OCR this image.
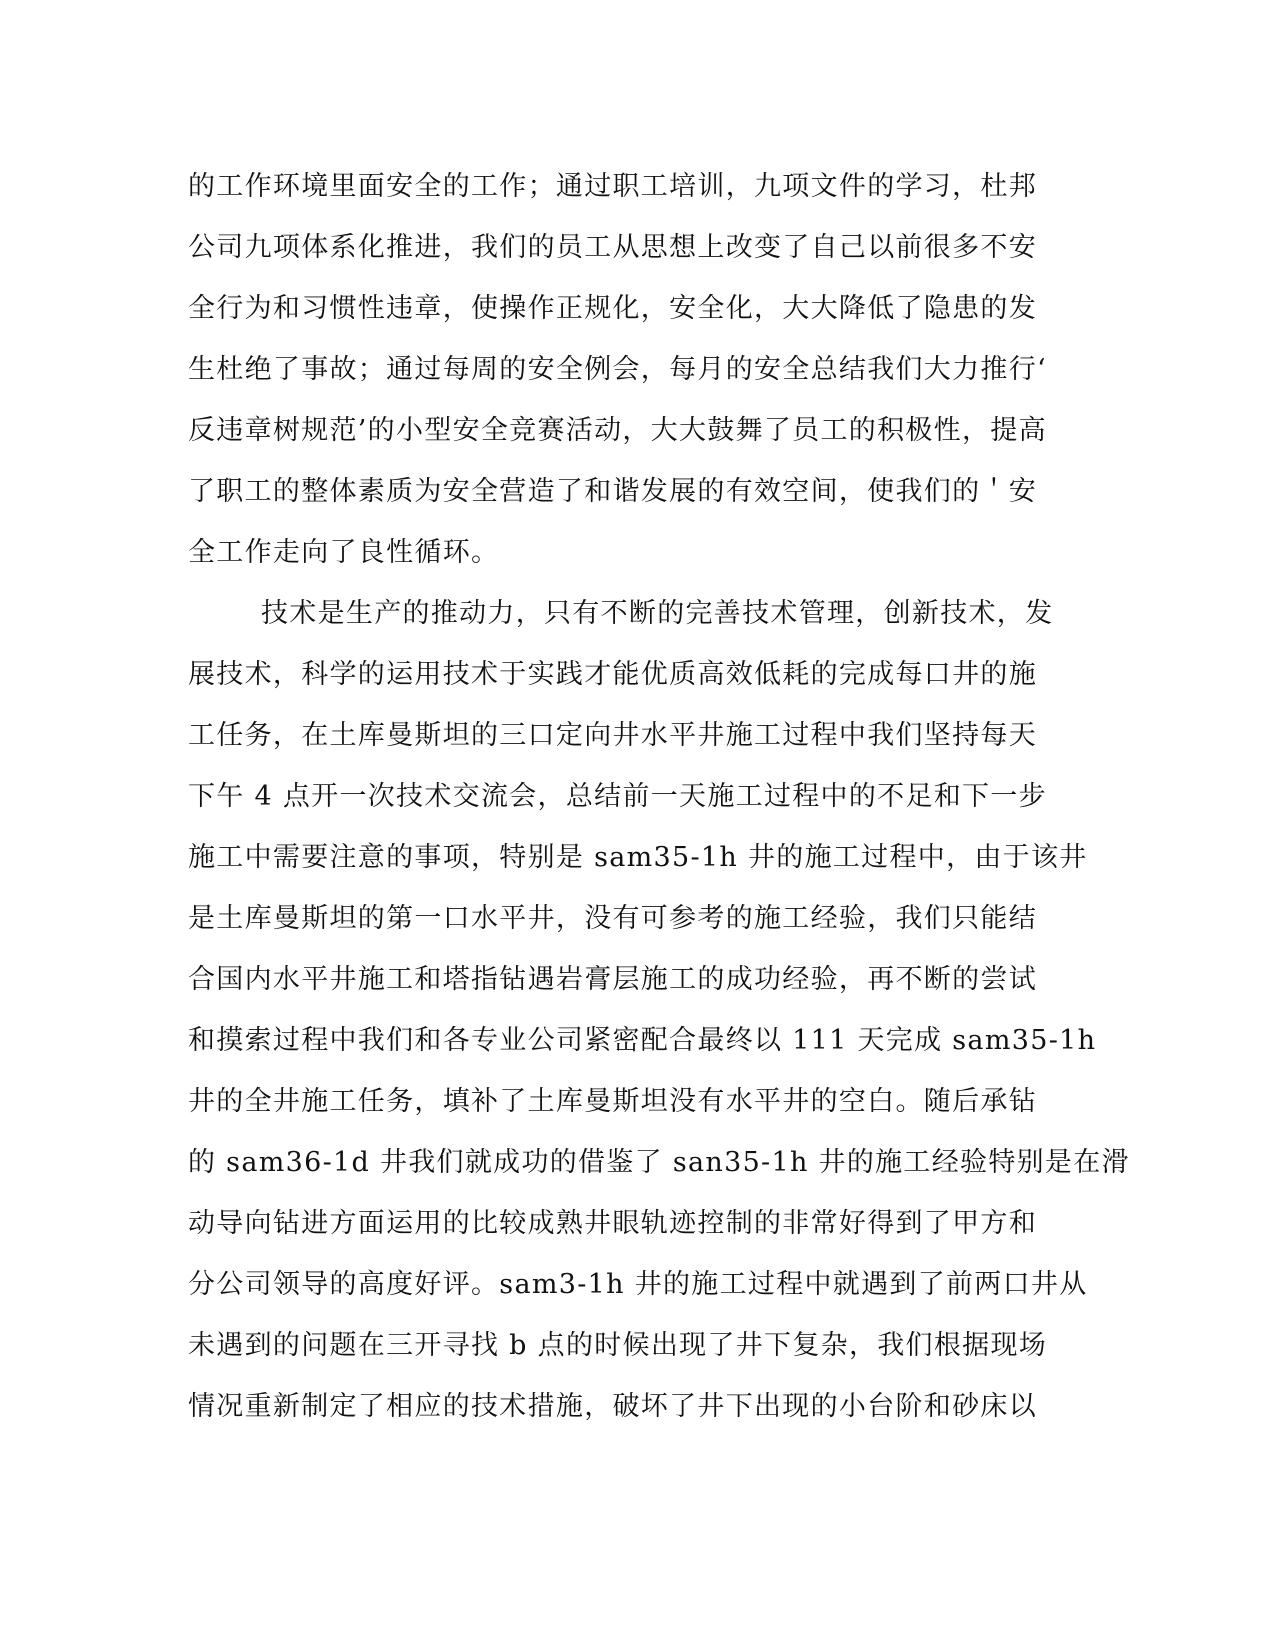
的工作环境里面安全的工作；通过职工培训，九项文件的学习，杜邦
公司九项体系化推进，我们的员工从思想上改变了自己以前很多不安
全行为和习惯性违章，使操作正规化，安全化，大大降低了隐患的发
生杜绝了事故；通过每周的安全例会，每月的安全总结我们大力推行‘
反违章树规范’的小型安全竞赛活动，大大鼓舞了员工的积极性，提高
了职工的整体素质为安全营造了和谐发展的有效空间，使我们的＇安
全工作走向了良性循环。
技术是生产的推动力，只有不断的完善技术管理，创新技术，发
展技术，科学的运用技术于实践才能优质高效低耗的完成每口井的施
工任务，在土库曼斯坦的三口定向井水平井施工过程中我们坚持每天
下午 4 点开一次技术交流会，总结前一天施工过程中的不足和下一步
施工中需要注意的事项，特别是 sam35-1h 井的施工过程中，由于该井
是土库曼斯坦的第一口水平井，没有可参考的施工经验，我们只能结
合国内水平井施工和塔指钻遇岩膏层施工的成功经验，再不断的尝试
和摸索过程中我们和各专业公司紧密配合最终以 111 天完成 sam35-1h
井的全井施工任务，填补了土库曼斯坦没有水平井的空白。随后承钻
的 sam36-1d 井我们就成功的借鉴了 san35-1h 井的施工经验特别是在滑
动导向钻进方面运用的比较成熟井眼轨迹控制的非常好得到了甲方和
分公司领导的高度好评。sam3-1h 井的施工过程中就遇到了前两口井从
未遇到的问题在三开寻找 b 点的时候出现了井下复杂，我们根据现场
情况重新制定了相应的技术措施，破坏了井下出现的小台阶和砂床以
